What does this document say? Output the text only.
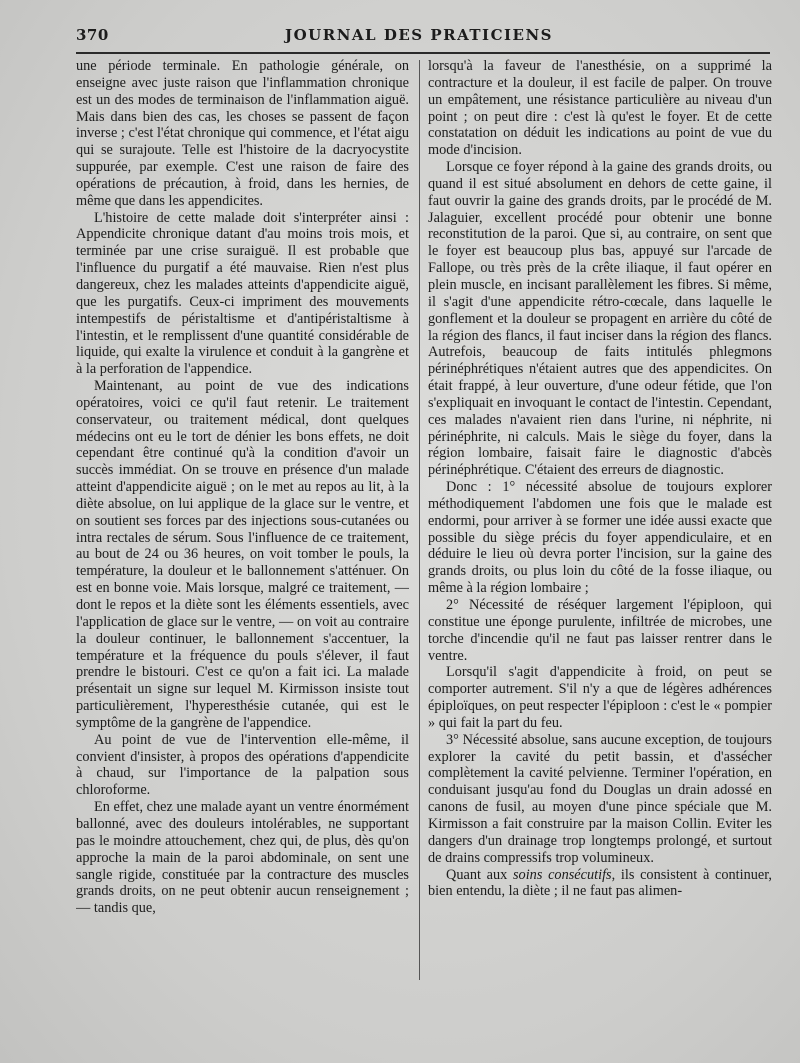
370	JOURNAL DES PRATICIENS

une période terminale. En pathologie générale, on enseigne avec juste raison que l'inflammation chronique est un des modes de terminaison de l'inflammation aiguë. Mais dans bien des cas, les choses se passent de façon inverse ; c'est l'état chronique qui commence, et l'état aigu qui se surajoute. Telle est l'histoire de la dacryocystite suppurée, par exemple. C'est une raison de faire des opérations de précaution, à froid, dans les hernies, de même que dans les appendicites.

L'histoire de cette malade doit s'interpréter ainsi : Appendicite chronique datant d'au moins trois mois, et terminée par une crise suraiguë. Il est probable que l'influence du purgatif a été mauvaise. Rien n'est plus dangereux, chez les malades atteints d'appendicite aiguë, que les purgatifs. Ceux-ci impriment des mouvements intempestifs de péristaltisme et d'antipéristaltisme à l'intestin, et le remplissent d'une quantité considérable de liquide, qui exalte la virulence et conduit à la gangrène et à la perforation de l'appendice.

Maintenant, au point de vue des indications opératoires, voici ce qu'il faut retenir. Le traitement conservateur, ou traitement médical, dont quelques médecins ont eu le tort de dénier les bons effets, ne doit cependant être continué qu'à la condition d'avoir un succès immédiat. On se trouve en présence d'un malade atteint d'appendicite aiguë ; on le met au repos au lit, à la diète absolue, on lui applique de la glace sur le ventre, et on soutient ses forces par des injections sous-cutanées ou intra rectales de sérum. Sous l'influence de ce traitement, au bout de 24 ou 36 heures, on voit tomber le pouls, la température, la douleur et le ballonnement s'atténuer. On est en bonne voie. Mais lorsque, malgré ce traitement, — dont le repos et la diète sont les éléments essentiels, avec l'application de glace sur le ventre, — on voit au contraire la douleur continuer, le ballonnement s'accentuer, la température et la fréquence du pouls s'élever, il faut prendre le bistouri. C'est ce qu'on a fait ici. La malade présentait un signe sur lequel M. Kirmisson insiste tout particulièrement, l'hyperesthésie cutanée, qui est le symptôme de la gangrène de l'appendice.

Au point de vue de l'intervention elle-même, il convient d'insister, à propos des opérations d'appendicite à chaud, sur l'importance de la palpation sous chloroforme.

En effet, chez une malade ayant un ventre énormément ballonné, avec des douleurs intolérables, ne supportant pas le moindre attouchement, chez qui, de plus, dès qu'on approche la main de la paroi abdominale, on sent une sangle rigide, constituée par la contracture des muscles grands droits, on ne peut obtenir aucun renseignement ; — tandis que,

lorsqu'à la faveur de l'anesthésie, on a supprimé la contracture et la douleur, il est facile de palper. On trouve un empâtement, une résistance particulière au niveau d'un point ; on peut dire : c'est là qu'est le foyer. Et de cette constatation on déduit les indications au point de vue du mode d'incision.

Lorsque ce foyer répond à la gaine des grands droits, ou quand il est situé absolument en dehors de cette gaine, il faut ouvrir la gaine des grands droits, par le procédé de M. Jalaguier, excellent procédé pour obtenir une bonne reconstitution de la paroi. Que si, au contraire, on sent que le foyer est beaucoup plus bas, appuyé sur l'arcade de Fallope, ou très près de la crête iliaque, il faut opérer en plein muscle, en incisant parallèlement les fibres. Si même, il s'agit d'une appendicite rétro-cœcale, dans laquelle le gonflement et la douleur se propagent en arrière du côté de la région des flancs, il faut inciser dans la région des flancs. Autrefois, beaucoup de faits intitulés phlegmons périnéphrétiques n'étaient autres que des appendicites. On était frappé, à leur ouverture, d'une odeur fétide, que l'on s'expliquait en invoquant le contact de l'intestin. Cependant, ces malades n'avaient rien dans l'urine, ni néphrite, ni périnéphrite, ni calculs. Mais le siège du foyer, dans la région lombaire, faisait faire le diagnostic d'abcès périnéphrétique. C'étaient des erreurs de diagnostic.

Donc : 1° nécessité absolue de toujours explorer méthodiquement l'abdomen une fois que le malade est endormi, pour arriver à se former une idée aussi exacte que possible du siège précis du foyer appendiculaire, et en déduire le lieu où devra porter l'incision, sur la gaine des grands droits, ou plus loin du côté de la fosse iliaque, ou même à la région lombaire ;

2° Nécessité de réséquer largement l'épiploon, qui constitue une éponge purulente, infiltrée de microbes, une torche d'incendie qu'il ne faut pas laisser rentrer dans le ventre.

Lorsqu'il s'agit d'appendicite à froid, on peut se comporter autrement. S'il n'y a que de légères adhérences épiploïques, on peut respecter l'épiploon : c'est le « pompier » qui fait la part du feu.

3° Nécessité absolue, sans aucune exception, de toujours explorer la cavité du petit bassin, et d'assécher complètement la cavité pelvienne. Terminer l'opération, en conduisant jusqu'au fond du Douglas un drain adossé en canons de fusil, au moyen d'une pince spéciale que M. Kirmisson a fait construire par la maison Collin. Eviter les dangers d'un drainage trop longtemps prolongé, et surtout de drains compressifs trop volumineux.

Quant aux soins consécutifs, ils consistent à continuer, bien entendu, la diète ; il ne faut pas alimen-
